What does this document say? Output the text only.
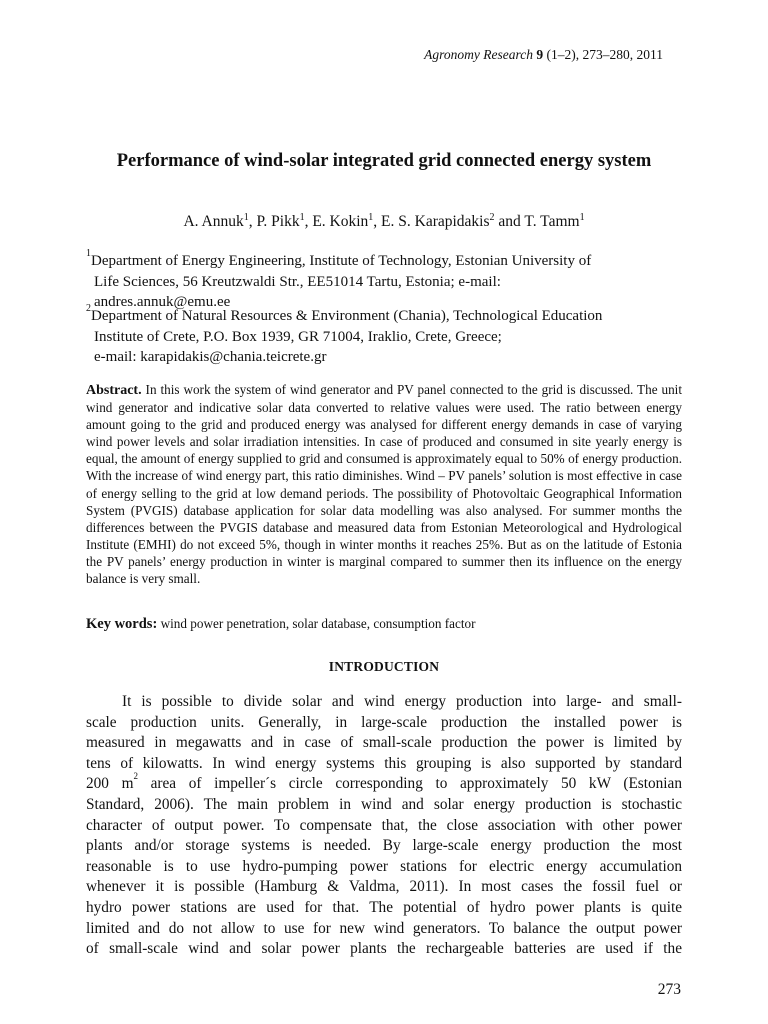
Agronomy Research 9 (1–2), 273–280, 2011
Performance of wind-solar integrated grid connected energy system
A. Annuk$^1$, P. Pikk$^1$, E. Kokin$^1$, E. S. Karapidakis$^2$ and T. Tamm$^1$
$^1$Department of Energy Engineering, Institute of Technology, Estonian University of
Life Sciences, 56 Kreutzwaldi Str., EE51014 Tartu, Estonia; e-mail:
andres.annuk@emu.ee
$^2$Department of Natural Resources & Environment (Chania), Technological Education
Institute of Crete, P.O. Box 1939, GR 71004, Iraklio, Crete, Greece;
e-mail: karapidakis@chania.teicrete.gr
Abstract. In this work the system of wind generator and PV panel connected to the grid is discussed. The unit wind generator and indicative solar data converted to relative values were used. The ratio between energy amount going to the grid and produced energy was analysed for different energy demands in case of varying wind power levels and solar irradiation intensities. In case of produced and consumed in site yearly energy is equal, the amount of energy supplied to grid and consumed is approximately equal to 50% of energy production. With the increase of wind energy part, this ratio diminishes. Wind – PV panels’ solution is most effective in case of energy selling to the grid at low demand periods. The possibility of Photovoltaic Geographical Information System (PVGIS) database application for solar data modelling was also analysed. For summer months the differences between the PVGIS database and measured data from Estonian Meteorological and Hydrological Institute (EMHI) do not exceed 5%, though in winter months it reaches 25%. But as on the latitude of Estonia the PV panels’ energy production in winter is marginal compared to summer then its influence on the energy balance is very small.
Key words: wind power penetration, solar database, consumption factor
INTRODUCTION
It is possible to divide solar and wind energy production into large- and small-
scale production units. Generally, in large-scale production the installed power is
measured in megawatts and in case of small-scale production the power is limited by
tens of kilowatts. In wind energy systems this grouping is also supported by standard
200 $m^2$ area of impeller´s circle corresponding to approximately 50 kW (Estonian
Standard, 2006). The main problem in wind and solar energy production is stochastic
character of output power. To compensate that, the close association with other power
plants and/or storage systems is needed. By large-scale energy production the most
reasonable is to use hydro-pumping power stations for electric energy accumulation
whenever it is possible (Hamburg & Valdma, 2011). In most cases the fossil fuel or
hydro power stations are used for that. The potential of hydro power plants is quite
limited and do not allow to use for new wind generators. To balance the output power
of small-scale wind and solar power plants the rechargeable batteries are used if the
273
